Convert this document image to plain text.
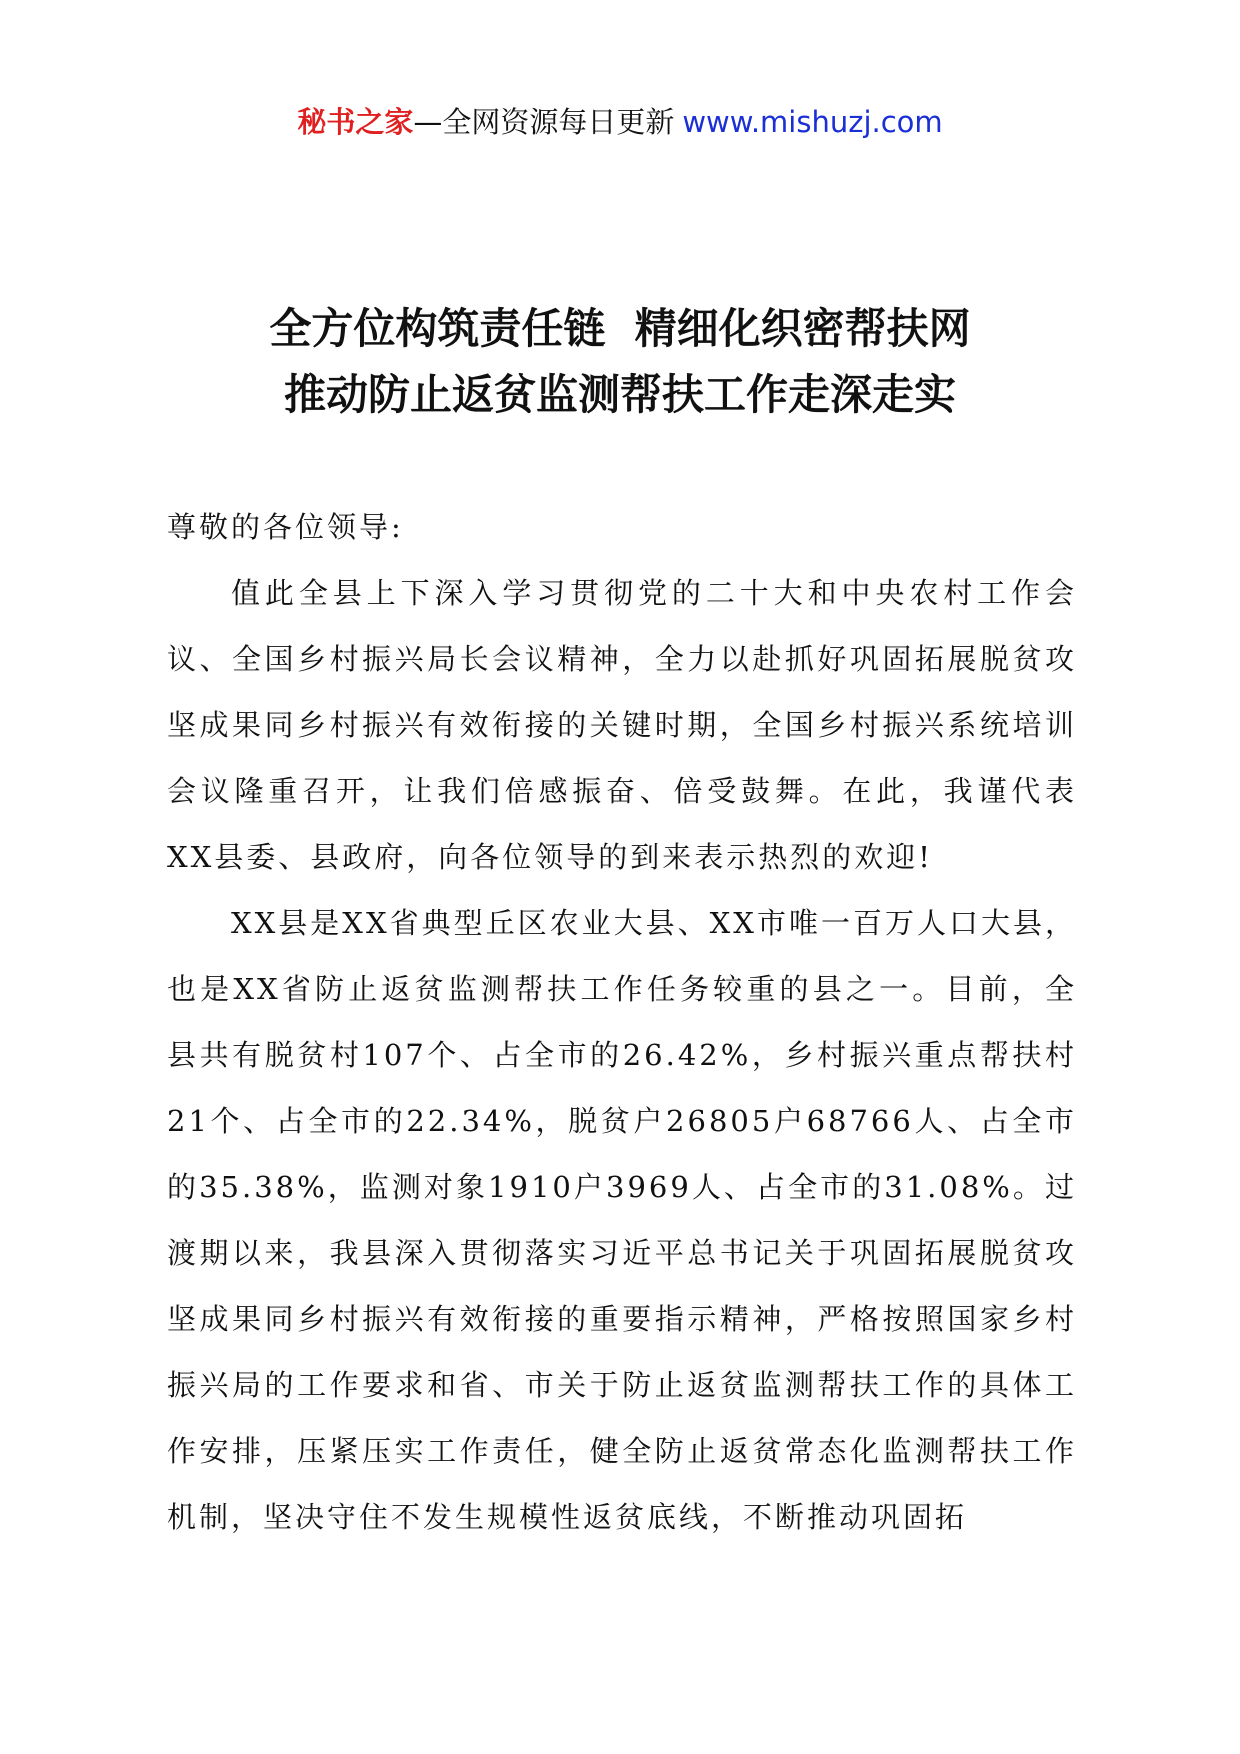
秘书之家—全网资源每日更新 www.mishuzj.com
全方位构筑责任链  精细化织密帮扶网
推动防止返贫监测帮扶工作走深走实

尊敬的各位领导:

值此全县上下深入学习贯彻党的二十大和中央农村工作会议、全国乡村振兴局长会议精神，全力以赴抓好巩固拓展脱贫攻坚成果同乡村振兴有效衔接的关键时期，全国乡村振兴系统培训会议隆重召开，让我们倍感振奋、倍受鼓舞。在此，我谨代表XX县委、县政府，向各位领导的到来表示热烈的欢迎!

XX县是XX省典型丘区农业大县、XX市唯一百万人口大县，也是XX省防止返贫监测帮扶工作任务较重的县之一。目前，全县共有脱贫村107个、占全市的26.42%，乡村振兴重点帮扶村21个、占全市的22.34%，脱贫户26805户68766人、占全市的35.38%，监测对象1910户3969人、占全市的31.08%。过渡期以来，我县深入贯彻落实习近平总书记关于巩固拓展脱贫攻坚成果同乡村振兴有效衔接的重要指示精神，严格按照国家乡村振兴局的工作要求和省、市关于防止返贫监测帮扶工作的具体工作安排，压紧压实工作责任，健全防止返贫常态化监测帮扶工作机制，坚决守住不发生规模性返贫底线，不断推动巩固拓
